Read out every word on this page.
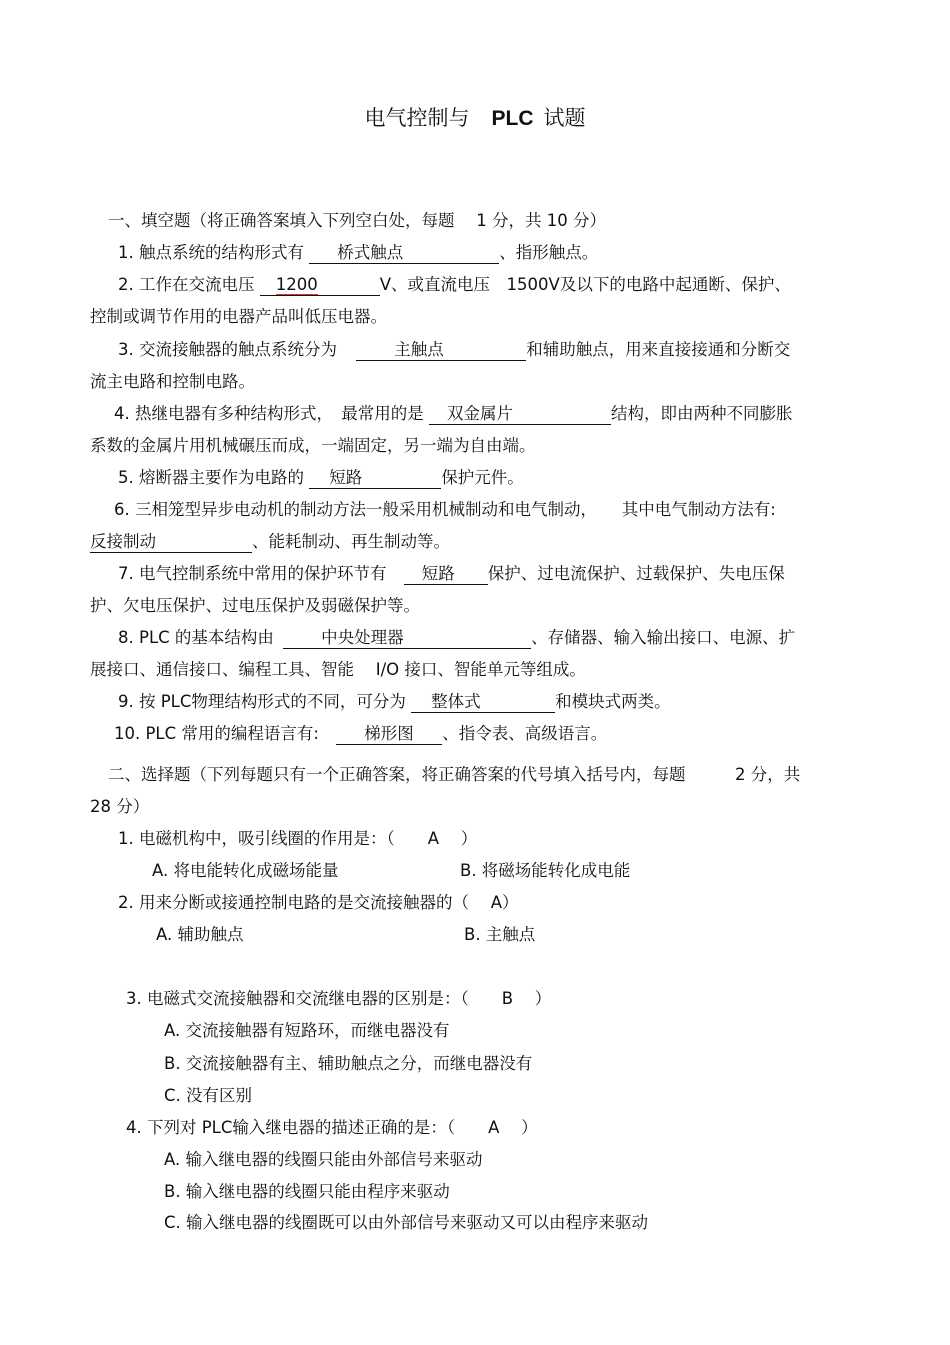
电气控制与 PLC 试题
一、填空题（将正确答案填入下列空白处，每题　 1 分，共 10 分）
1. 触点系统的结构形式有 桥式触点	、指形触点。
2. 工作在交流电压 1200	V、或直流电压　1500V及以下的电路中起通断、保护、
控制或调节作用的电器产品叫低压电器。
3. 交流接触器的触点系统分为	主触点	和辅助触点，用来直接接通和分断交
流主电路和控制电路。
4. 热继电器有多种结构形式，　最常用的是 双金属片	结构，即由两种不同膨胀
系数的金属片用机械碾压而成，一端固定，另一端为自由端。
5. 熔断器主要作为电路的 短路	保护元件。
6. 三相笼型异步电动机的制动方法一般采用机械制动和电气制动，　　其中电气制动方法有:
反接制动	、能耗制动、再生制动等。
7. 电气控制系统中常用的保护环节有 短路 保护、过电流保护、过载保护、失电压保
护、欠电压保护、过电压保护及弱磁保护等。
8. PLC 的基本结构由	中央处理器	、存储器、输入输出接口、电源、扩
展接口、通信接口、编程工具、智能　 I/O 接口、智能单元等组成。
9. 按 PLC物理结构形式的不同，可分为 整体式	和模块式两类。
10. PLC 常用的编程语言有:	梯形图 、指令表、高级语言。
二、选择题（下列每题只有一个正确答案，将正确答案的代号填入括号内，每题　　　2 分，共
28 分）
1. 电磁机构中，吸引线圈的作用是：（　　A　 ）
A. 将电能转化成磁场能量	B. 将磁场能转化成电能
2. 用来分断或接通控制电路的是交流接触器的（　 A）
A. 辅助触点	B. 主触点
3. 电磁式交流接触器和交流继电器的区别是：（　　B　 ）
A. 交流接触器有短路环，而继电器没有
B. 交流接触器有主、辅助触点之分，而继电器没有
C. 没有区别
4. 下列对 PLC输入继电器的描述正确的是：（　　A　 ）
A. 输入继电器的线圈只能由外部信号来驱动
B. 输入继电器的线圈只能由程序来驱动
C. 输入继电器的线圈既可以由外部信号来驱动又可以由程序来驱动
